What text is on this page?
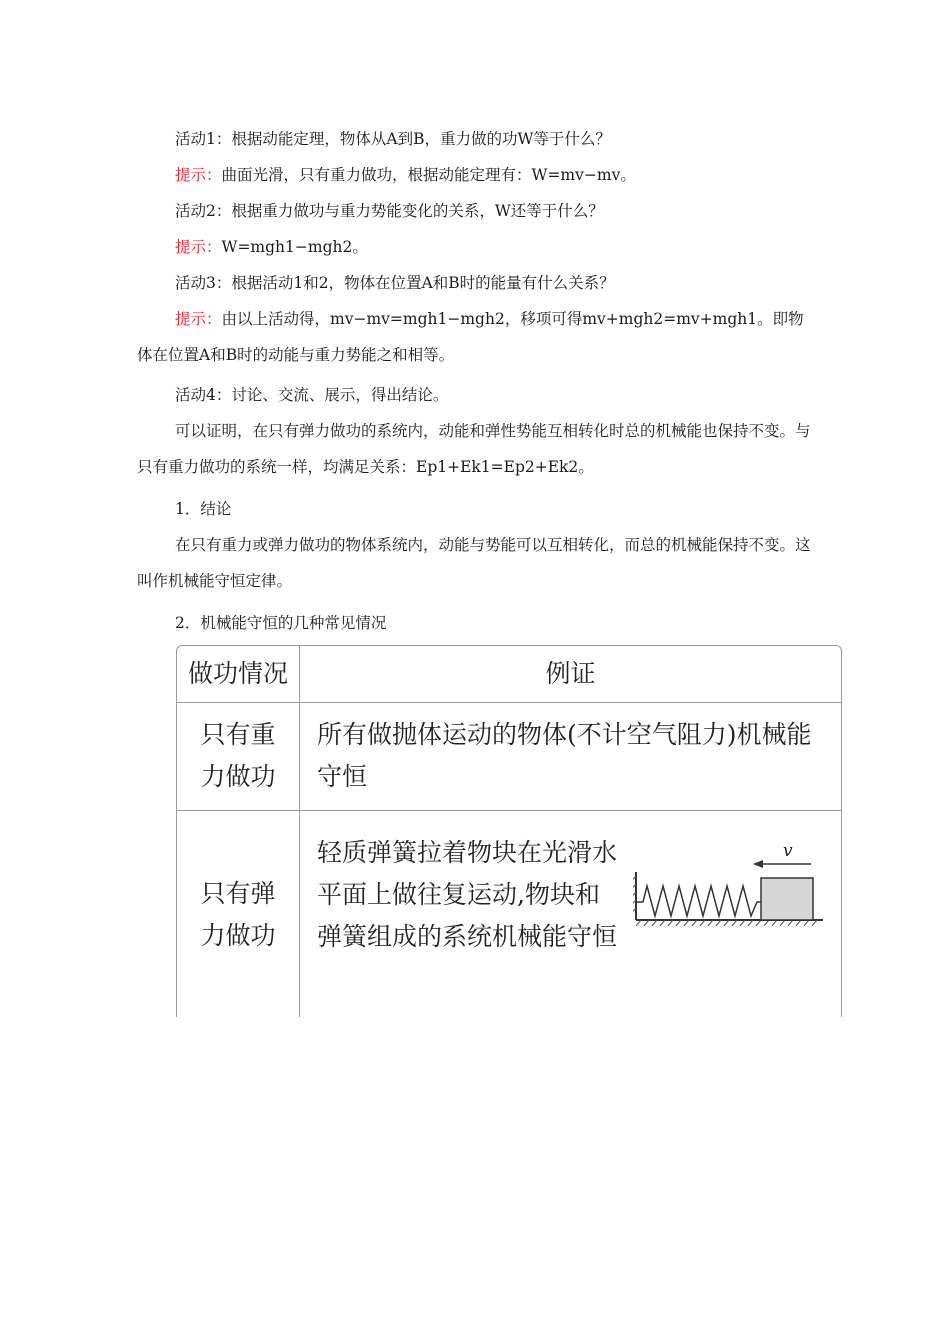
活动1：根据动能定理，物体从A到B，重力做的功W等于什么？

提示：曲面光滑，只有重力做功，根据动能定理有：W=mv−mv。

活动2：根据重力做功与重力势能变化的关系，W还等于什么？

提示：W=mgh1−mgh2。

活动3：根据活动1和2，物体在位置A和B时的能量有什么关系？

提示：由以上活动得，mv−mv=mgh1−mgh2，移项可得mv+mgh2=mv+mgh1。即物体在位置A和B时的动能与重力势能之和相等。

活动4：讨论、交流、展示，得出结论。

可以证明，在只有弹力做功的系统内，动能和弹性势能互相转化时总的机械能也保持不变。与只有重力做功的系统一样，均满足关系：Ep1+Ek1=Ep2+Ek2。

1．结论

在只有重力或弹力做功的物体系统内，动能与势能可以互相转化，而总的机械能保持不变。这叫作机械能守恒定律。

2．机械能守恒的几种常见情况

做功情况	例证
只有重力做功
所有做抛体运动的物体(不计空气阻力)机械能守恒
只有弹力做功
轻质弹簧拉着物块在光滑水平面上做往复运动,物块和弹簧组成的系统机械能守恒
v
